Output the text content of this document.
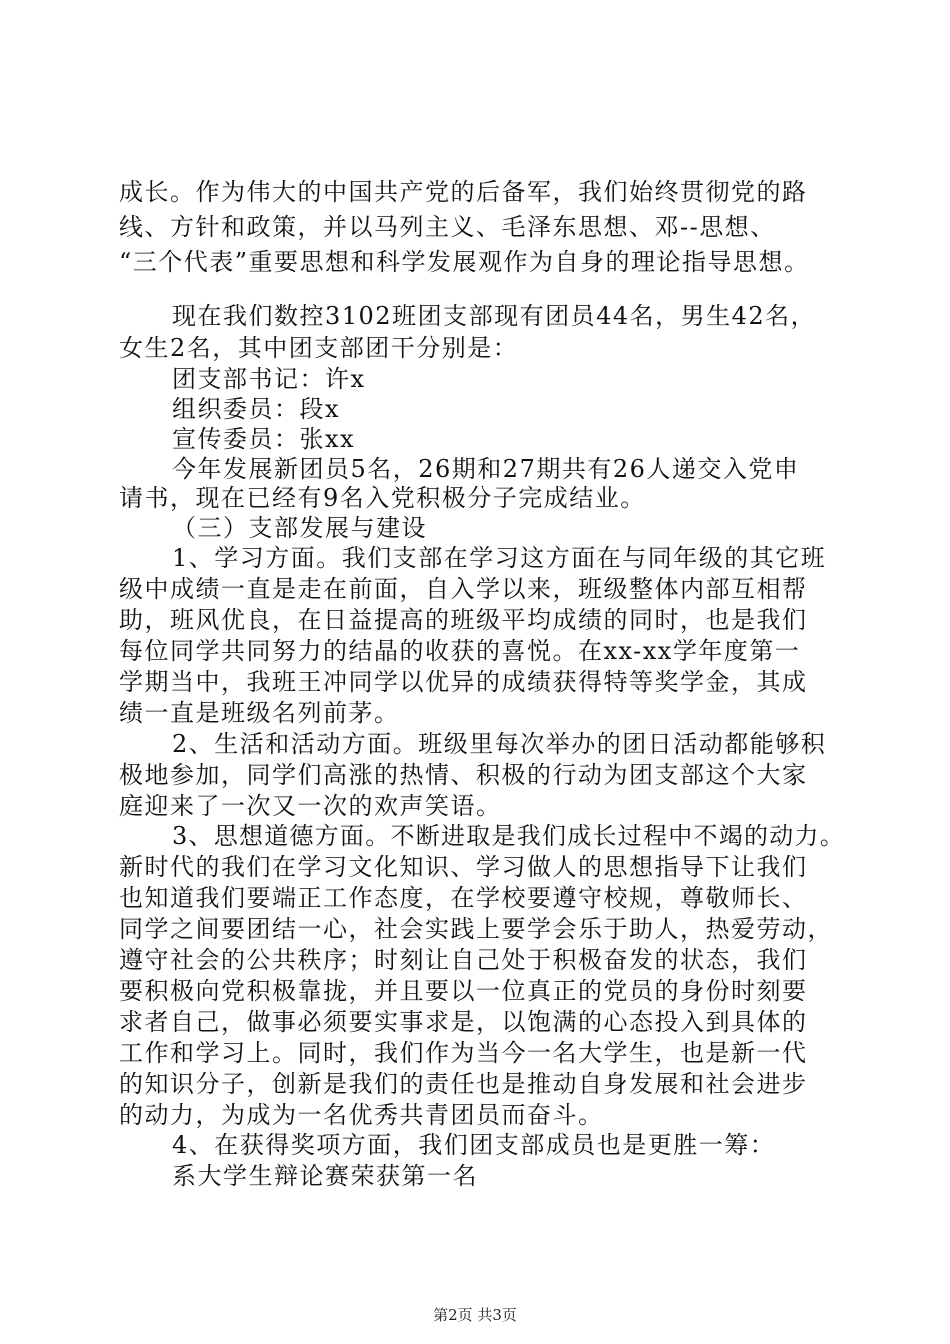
成长。作为伟大的中国共产党的后备军，我们始终贯彻党的路
线、方针和政策，并以马列主义、毛泽东思想、邓--思想、
“三个代表”重要思想和科学发展观作为自身的理论指导思想。
现在我们数控3102班团支部现有团员44名，男生42名，
女生2名，其中团支部团干分别是：
团支部书记：许x
组织委员：段x
宣传委员：张xx
今年发展新团员5名，26期和27期共有26人递交入党申
请书，现在已经有9名入党积极分子完成结业。
（三）支部发展与建设
1、学习方面。我们支部在学习这方面在与同年级的其它班
级中成绩一直是走在前面，自入学以来，班级整体内部互相帮
助，班风优良，在日益提高的班级平均成绩的同时，也是我们
每位同学共同努力的结晶的收获的喜悦。在xx-xx学年度第一
学期当中，我班王冲同学以优异的成绩获得特等奖学金，其成
绩一直是班级名列前茅。
2、生活和活动方面。班级里每次举办的团日活动都能够积
极地参加，同学们高涨的热情、积极的行动为团支部这个大家
庭迎来了一次又一次的欢声笑语。
3、思想道德方面。不断进取是我们成长过程中不竭的动力。
新时代的我们在学习文化知识、学习做人的思想指导下让我们
也知道我们要端正工作态度，在学校要遵守校规，尊敬师长、
同学之间要团结一心，社会实践上要学会乐于助人，热爱劳动，
遵守社会的公共秩序；时刻让自己处于积极奋发的状态，我们
要积极向党积极靠拢，并且要以一位真正的党员的身份时刻要
求者自己，做事必须要实事求是，以饱满的心态投入到具体的
工作和学习上。同时，我们作为当今一名大学生，也是新一代
的知识分子，创新是我们的责任也是推动自身发展和社会进步
的动力，为成为一名优秀共青团员而奋斗。
4、在获得奖项方面，我们团支部成员也是更胜一筹：
系大学生辩论赛荣获第一名
第2页 共3页
